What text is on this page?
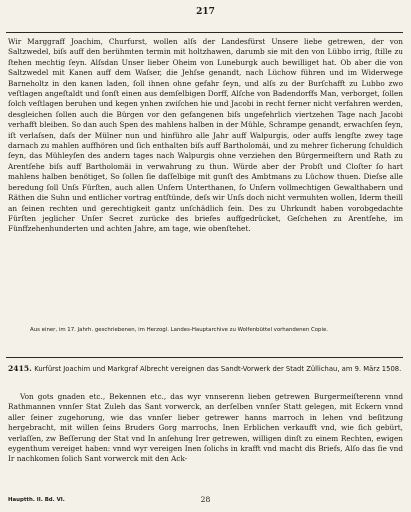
217

Wir Marggraff Joachim, Churfurst, wollen alſs der Landesfürst Unsere liebe getrewen, der von Saltzwedel, biſs auff den berühmten termin mit holtzhawen, darumb sie mit den von Lübbo irrig, ſtille zu ſtehen mechtig ſeyn. Alſsdan Unser lieber Oheim von Luneburgk auch bewilliget hat. Ob aber die von Saltzwedel mit Kanen auff dem Waſser, die Jehſse genandt, nach Lüchow führen und im Widerwege Barneholtz in den kanen laden, ſoll ihnen ohne gefahr ſeyn, und alſs zu der Burſchafft zu Lubbo zwo veſtlagen angeſtaldt und ſonſt einen aus demſelbigen Dorff, Alſche von Badendorffs Man, verborget, ſollen ſolch veſtlagen beruhen und kegen ynhen zwiſchen hie und Jacobi in recht ferner nicht verfahren werden, desgleichen ſollen auch die Bürgen vor den gefangenen biſs ungefehrlich viertzehen Tage nach Jacobi verhafft bleiben. So dan auch Spen des mahlens halben in der Mühle, Schrampe genandt, erwachſen ſeyn, iſt verlaſsen, daſs der Mülner nun und hinführo alle Jahr auff Walpurgis, oder auffs lengſte zwey tage darnach zu mahlen auffhören und ſich enthalten biſs auff Bartholomäi, und zu mehrer ſicherung ſchuldich ſeyn, das Mühleyſen des andern tages nach Walpurgis ohne verziehen den Bürgermeiſtern und Rath zu Arentſehe biſs auff Bartholomäi in verwahrung zu thun. Würde aber der Probſt und Cloſter ſo hart mahlens halben benötiget, So ſollen ſie daſſelbige mit gunſt des Ambtmans zu Lüchow thuen. Dieſse alle beredung ſoll Unſs Fürſten, auch allen Unſern Unterthanen, ſo Unſern vollmechtigen Gewalthabern und Räthen die Suhn und entlicher vortrag entſtünde, deſs wir Unſs doch nicht vermuhten wollen, Iderm theill an ſeinen rechten und gerechtigkeit gantz unſchädlich ſein. Des zu Uhrkundt haben vorobgedachte Fürſten jeglicher Unſer Secret zurücke des briefes auffgedrücket, Geſchehen zu Arentſehe, im Fünffzehenhunderten und achten Jahre, am tage, wie obenſtehet.

Aus einer, im 17. Jahrh. geschriebenen, im Herzogl. Landes-Hauptarchive zu Wolfenbüttel vorhandenen Copie.

2415. Kurfürst Joachim und Markgraf Albrecht vereignen das Sandt-Vorwerk der Stadt Züllichau, am 9. März 1508.

Von gots gnaden etc., Bekennen etc., das wyr vnnserenn lieben getrewen Burgermeiſterenn vnnd Rathmannen vnnſer Stat Zuleh das Sant vorwerck, an derſelben vnnſer Statt gelegen, mit Eckern vnnd aller ſeiner zugehorung, wie das vnnſer lieber getrewer hanns marroch in lehen vnd beſitzung hergebracht, mit willen ſeins Bruders Gorg marrochs, Inen Erblichen verkaufft vnd, wie ſich gebürt, verlaſſen, zw Beſſerung der Stat vnd In anſehung Irer getrewen, willigen dinſt zu einem Rechten, ewigen eygenthum vereiget haben: vnnd wyr vereigen Inen ſolichs in krafft vnd macht dis Briefs, Alſo das ſie vnd Ir nachkomen ſolich Sant vorwerck mit den Ack-

Hauptth. II. Bd. VI.	28
